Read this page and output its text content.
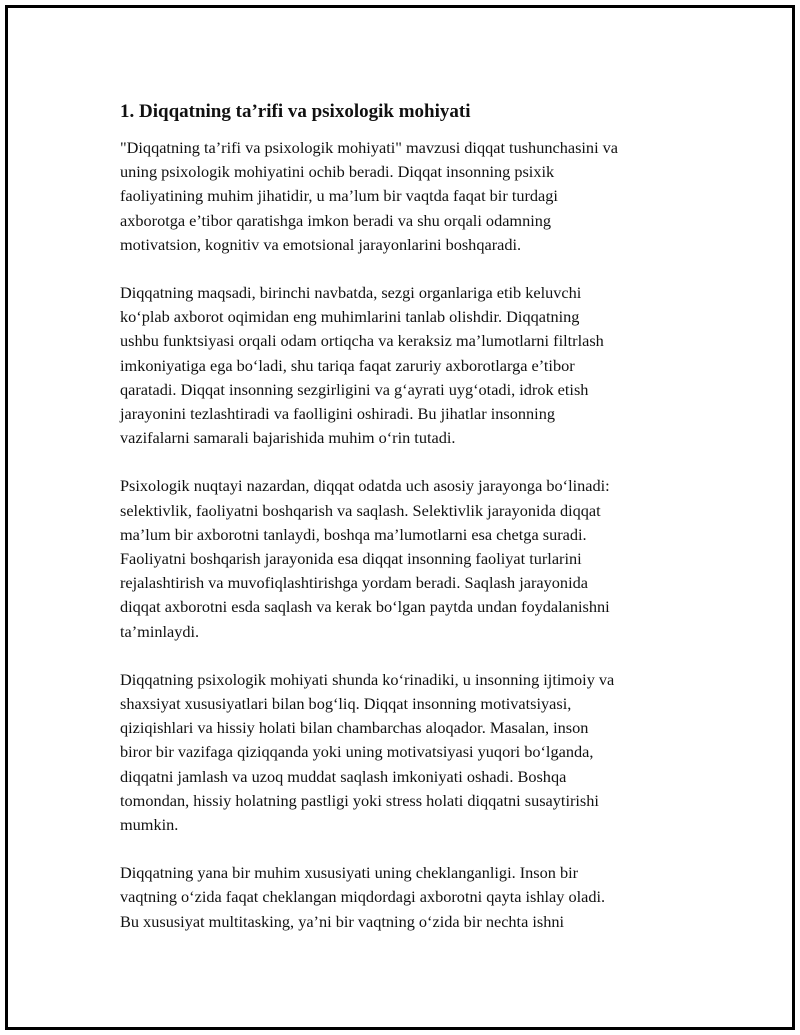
1. Diqqatning ta’rifi va psixologik mohiyati

"Diqqatning ta’rifi va psixologik mohiyati" mavzusi diqqat tushunchasini va
uning psixologik mohiyatini ochib beradi. Diqqat insonning psixik
faoliyatining muhim jihatidir, u ma’lum bir vaqtda faqat bir turdagi
axborotga e’tibor qaratishga imkon beradi va shu orqali odamning
motivatsion, kognitiv va emotsional jarayonlarini boshqaradi.

Diqqatning maqsadi, birinchi navbatda, sezgi organlariga etib keluvchi
ko‘plab axborot oqimidan eng muhimlarini tanlab olishdir. Diqqatning
ushbu funktsiyasi orqali odam ortiqcha va keraksiz ma’lumotlarni filtrlash
imkoniyatiga ega bo‘ladi, shu tariqa faqat zaruriy axborotlarga e’tibor
qaratadi. Diqqat insonning sezgirligini va g‘ayrati uyg‘otadi, idrok etish
jarayonini tezlashtiradi va faolligini oshiradi. Bu jihatlar insonning
vazifalarni samarali bajarishida muhim o‘rin tutadi.

Psixologik nuqtayi nazardan, diqqat odatda uch asosiy jarayonga bo‘linadi:
selektivlik, faoliyatni boshqarish va saqlash. Selektivlik jarayonida diqqat
ma’lum bir axborotni tanlaydi, boshqa ma’lumotlarni esa chetga suradi.
Faoliyatni boshqarish jarayonida esa diqqat insonning faoliyat turlarini
rejalashtirish va muvofiqlashtirishga yordam beradi. Saqlash jarayonida
diqqat axborotni esda saqlash va kerak bo‘lgan paytda undan foydalanishni
ta’minlaydi.

Diqqatning psixologik mohiyati shunda ko‘rinadiki, u insonning ijtimoiy va
shaxsiyat xususiyatlari bilan bog‘liq. Diqqat insonning motivatsiyasi,
qiziqishlari va hissiy holati bilan chambarchas aloqador. Masalan, inson
biror bir vazifaga qiziqqanda yoki uning motivatsiyasi yuqori bo‘lganda,
diqqatni jamlash va uzoq muddat saqlash imkoniyati oshadi. Boshqa
tomondan, hissiy holatning pastligi yoki stress holati diqqatni susaytirishi
mumkin.

Diqqatning yana bir muhim xususiyati uning cheklanganligi. Inson bir
vaqtning o‘zida faqat cheklangan miqdordagi axborotni qayta ishlay oladi.
Bu xususiyat multitasking, ya’ni bir vaqtning o‘zida bir nechta ishni
